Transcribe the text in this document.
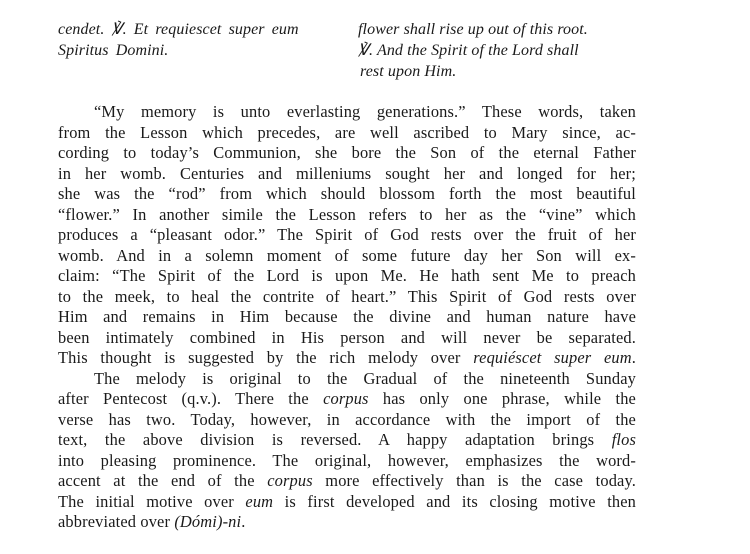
cendet. ℣. Et requiescet super eum
Spiritus Domini.
flower shall rise up out of this root.
℣. And the Spirit of the Lord shall
rest upon Him.
“My memory is unto everlasting generations.” These words, taken
from the Lesson which precedes, are well ascribed to Mary since, ac-
cording to today’s Communion, she bore the Son of the eternal Father
in her womb. Centuries and milleniums sought her and longed for her;
she was the “rod” from which should blossom forth the most beautiful
“flower.” In another simile the Lesson refers to her as the “vine” which
produces a “pleasant odor.” The Spirit of God rests over the fruit of her
womb. And in a solemn moment of some future day her Son will ex-
claim: “The Spirit of the Lord is upon Me. He hath sent Me to preach
to the meek, to heal the contrite of heart.” This Spirit of God rests over
Him and remains in Him because the divine and human nature have
been intimately combined in His person and will never be separated.
This thought is suggested by the rich melody over requiéscet super eum.
The melody is original to the Gradual of the nineteenth Sunday
after Pentecost (q.v.). There the corpus has only one phrase, while the
verse has two. Today, however, in accordance with the import of the
text, the above division is reversed. A happy adaptation brings flos
into pleasing prominence. The original, however, emphasizes the word-
accent at the end of the corpus more effectively than is the case today.
The initial motive over eum is first developed and its closing motive then
abbreviated over (Dómi)-ni.
